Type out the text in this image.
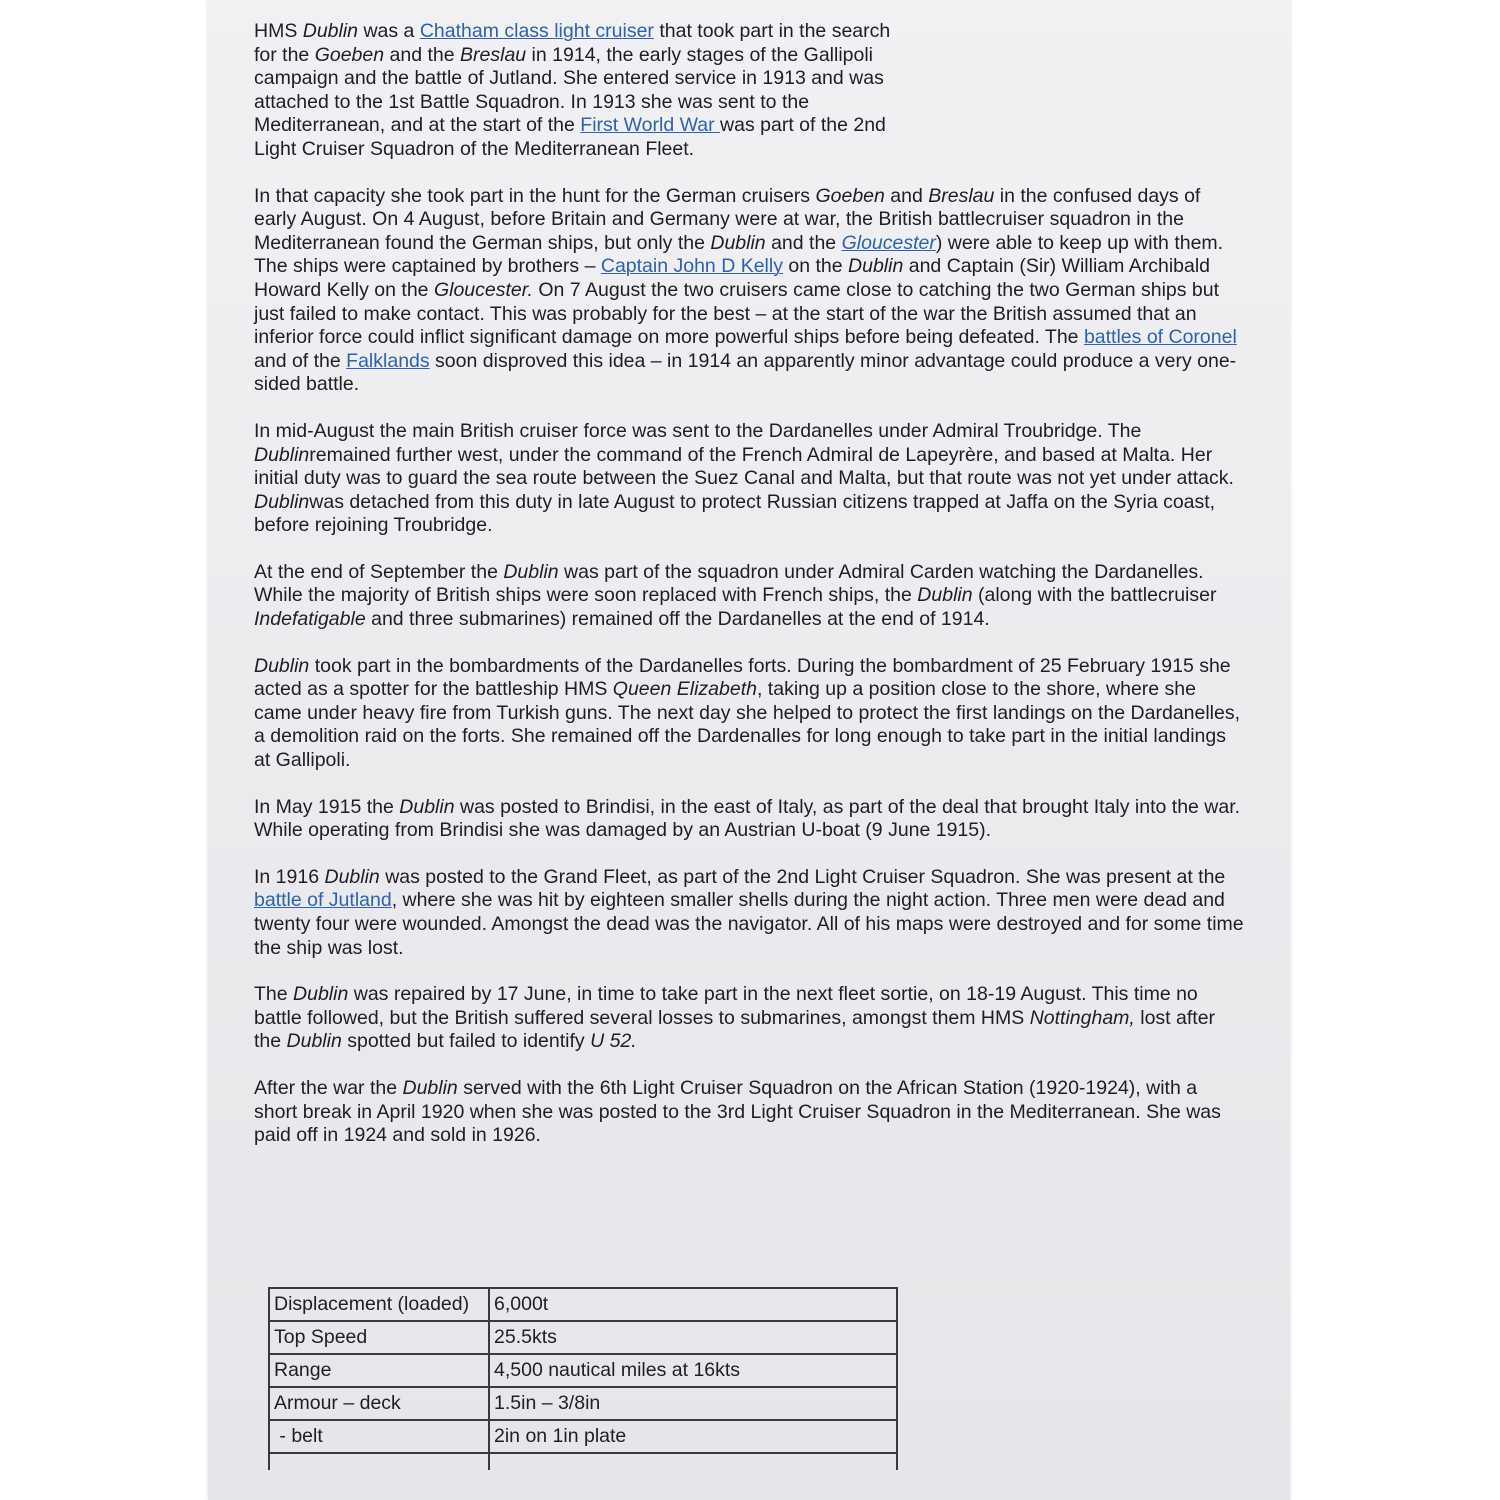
HMS Dublin was a Chatham class light cruiser that took part in the search for the Goeben and the Breslau in 1914, the early stages of the Gallipoli campaign and the battle of Jutland. She entered service in 1913 and was attached to the 1st Battle Squadron. In 1913 she was sent to the Mediterranean, and at the start of the First World War was part of the 2nd Light Cruiser Squadron of the Mediterranean Fleet.

In that capacity she took part in the hunt for the German cruisers Goeben and Breslau in the confused days of early August. On 4 August, before Britain and Germany were at war, the British battlecruiser squadron in the Mediterranean found the German ships, but only the Dublin and the Gloucester) were able to keep up with them. The ships were captained by brothers – Captain John D Kelly on the Dublin and Captain (Sir) William Archibald Howard Kelly on the Gloucester. On 7 August the two cruisers came close to catching the two German ships but just failed to make contact. This was probably for the best – at the start of the war the British assumed that an inferior force could inflict significant damage on more powerful ships before being defeated. The battles of Coronel and of the Falklands soon disproved this idea – in 1914 an apparently minor advantage could produce a very one-sided battle.

In mid-August the main British cruiser force was sent to the Dardanelles under Admiral Troubridge. The Dublinremained further west, under the command of the French Admiral de Lapeyrère, and based at Malta. Her initial duty was to guard the sea route between the Suez Canal and Malta, but that route was not yet under attack. Dublinwas detached from this duty in late August to protect Russian citizens trapped at Jaffa on the Syria coast, before rejoining Troubridge.

At the end of September the Dublin was part of the squadron under Admiral Carden watching the Dardanelles. While the majority of British ships were soon replaced with French ships, the Dublin (along with the battlecruiser Indefatigable and three submarines) remained off the Dardanelles at the end of 1914.

Dublin took part in the bombardments of the Dardanelles forts. During the bombardment of 25 February 1915 she acted as a spotter for the battleship HMS Queen Elizabeth, taking up a position close to the shore, where she came under heavy fire from Turkish guns. The next day she helped to protect the first landings on the Dardanelles, a demolition raid on the forts. She remained off the Dardenalles for long enough to take part in the initial landings at Gallipoli.

In May 1915 the Dublin was posted to Brindisi, in the east of Italy, as part of the deal that brought Italy into the war. While operating from Brindisi she was damaged by an Austrian U-boat (9 June 1915).

In 1916 Dublin was posted to the Grand Fleet, as part of the 2nd Light Cruiser Squadron. She was present at the battle of Jutland, where she was hit by eighteen smaller shells during the night action. Three men were dead and twenty four were wounded. Amongst the dead was the navigator. All of his maps were destroyed and for some time the ship was lost.

The Dublin was repaired by 17 June, in time to take part in the next fleet sortie, on 18-19 August. This time no battle followed, but the British suffered several losses to submarines, amongst them HMS Nottingham, lost after the Dublin spotted but failed to identify U 52.

After the war the Dublin served with the 6th Light Cruiser Squadron on the African Station (1920-1924), with a short break in April 1920 when she was posted to the 3rd Light Cruiser Squadron in the Mediterranean. She was paid off in 1924 and sold in 1926.

Displacement (loaded)	6,000t
Top Speed	25.5kts
Range	4,500 nautical miles at 16kts
Armour – deck	1.5in – 3/8in
- belt	2in on 1in plate
